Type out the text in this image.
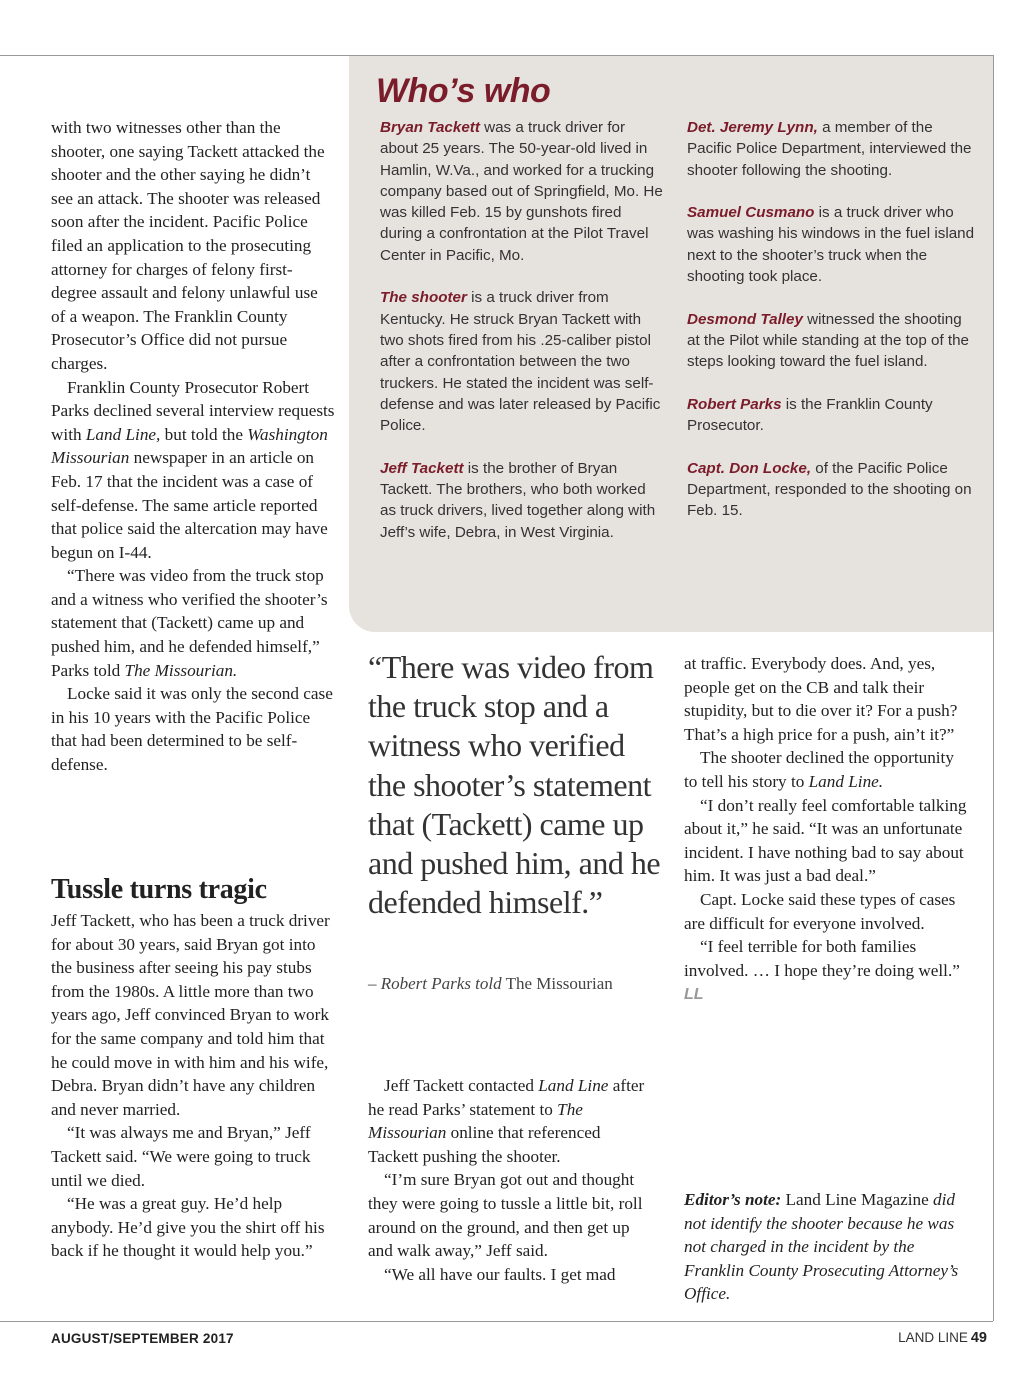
Who’s who

Bryan Tackett was a truck driver for about 25 years. The 50-year-old lived in Hamlin, W.Va., and worked for a trucking company based out of Springfield, Mo. He was killed Feb. 15 by gunshots fired during a confrontation at the Pilot Travel Center in Pacific, Mo.

The shooter is a truck driver from Kentucky. He struck Bryan Tackett with two shots fired from his .25-caliber pistol after a confrontation between the two truckers. He stated the incident was self-defense and was later released by Pacific Police.

Jeff Tackett is the brother of Bryan Tackett. The brothers, who both worked as truck drivers, lived together along with Jeff’s wife, Debra, in West Virginia.

Det. Jeremy Lynn, a member of the Pacific Police Department, interviewed the shooter following the shooting.

Samuel Cusmano is a truck driver who was washing his windows in the fuel island next to the shooter’s truck when the shooting took place.

Desmond Talley witnessed the shooting at the Pilot while standing at the top of the steps looking toward the fuel island.

Robert Parks is the Franklin County Prosecutor.

Capt. Don Locke, of the Pacific Police Department, responded to the shooting on Feb. 15.

with two witnesses other than the shooter, one saying Tackett attacked the shooter and the other saying he didn’t see an attack. The shooter was released soon after the incident. Pacific Police filed an application to the prosecuting attorney for charges of felony first-degree assault and felony unlawful use of a weapon. The Franklin County Prosecutor’s Office did not pursue charges.

Franklin County Prosecutor Robert Parks declined several interview requests with Land Line, but told the Washington Missourian newspaper in an article on Feb. 17 that the incident was a case of self-defense. The same article reported that police said the altercation may have begun on I-44.

“There was video from the truck stop and a witness who verified the shooter’s statement that (Tackett) came up and pushed him, and he defended himself,” Parks told The Missourian.

Locke said it was only the second case in his 10 years with the Pacific Police that had been determined to be self-defense.

Tussle turns tragic

Jeff Tackett, who has been a truck driver for about 30 years, said Bryan got into the business after seeing his pay stubs from the 1980s. A little more than two years ago, Jeff convinced Bryan to work for the same company and told him that he could move in with him and his wife, Debra. Bryan didn’t have any children and never married.

“It was always me and Bryan,” Jeff Tackett said. “We were going to truck until we died.

“He was a great guy. He’d help anybody. He’d give you the shirt off his back if he thought it would help you.”

“There was video from the truck stop and a witness who verified the shooter’s statement that (Tackett) came up and pushed him, and he defended himself.”

– Robert Parks told The Missourian

Jeff Tackett contacted Land Line after he read Parks’ statement to The Missourian online that referenced Tackett pushing the shooter.

“I’m sure Bryan got out and thought they were going to tussle a little bit, roll around on the ground, and then get up and walk away,” Jeff said.

“We all have our faults. I get mad

at traffic. Everybody does. And, yes, people get on the CB and talk their stupidity, but to die over it? For a push? That’s a high price for a push, ain’t it?”

The shooter declined the opportunity to tell his story to Land Line.

“I don’t really feel comfortable talking about it,” he said. “It was an unfortunate incident. I have nothing bad to say about him. It was just a bad deal.”

Capt. Locke said these types of cases are difficult for everyone involved.

“I feel terrible for both families involved. … I hope they’re doing well.” LL

Editor’s note: Land Line Magazine did not identify the shooter because he was not charged in the incident by the Franklin County Prosecuting Attorney’s Office.
AUGUST/SEPTEMBER 2017	LAND LINE 49
